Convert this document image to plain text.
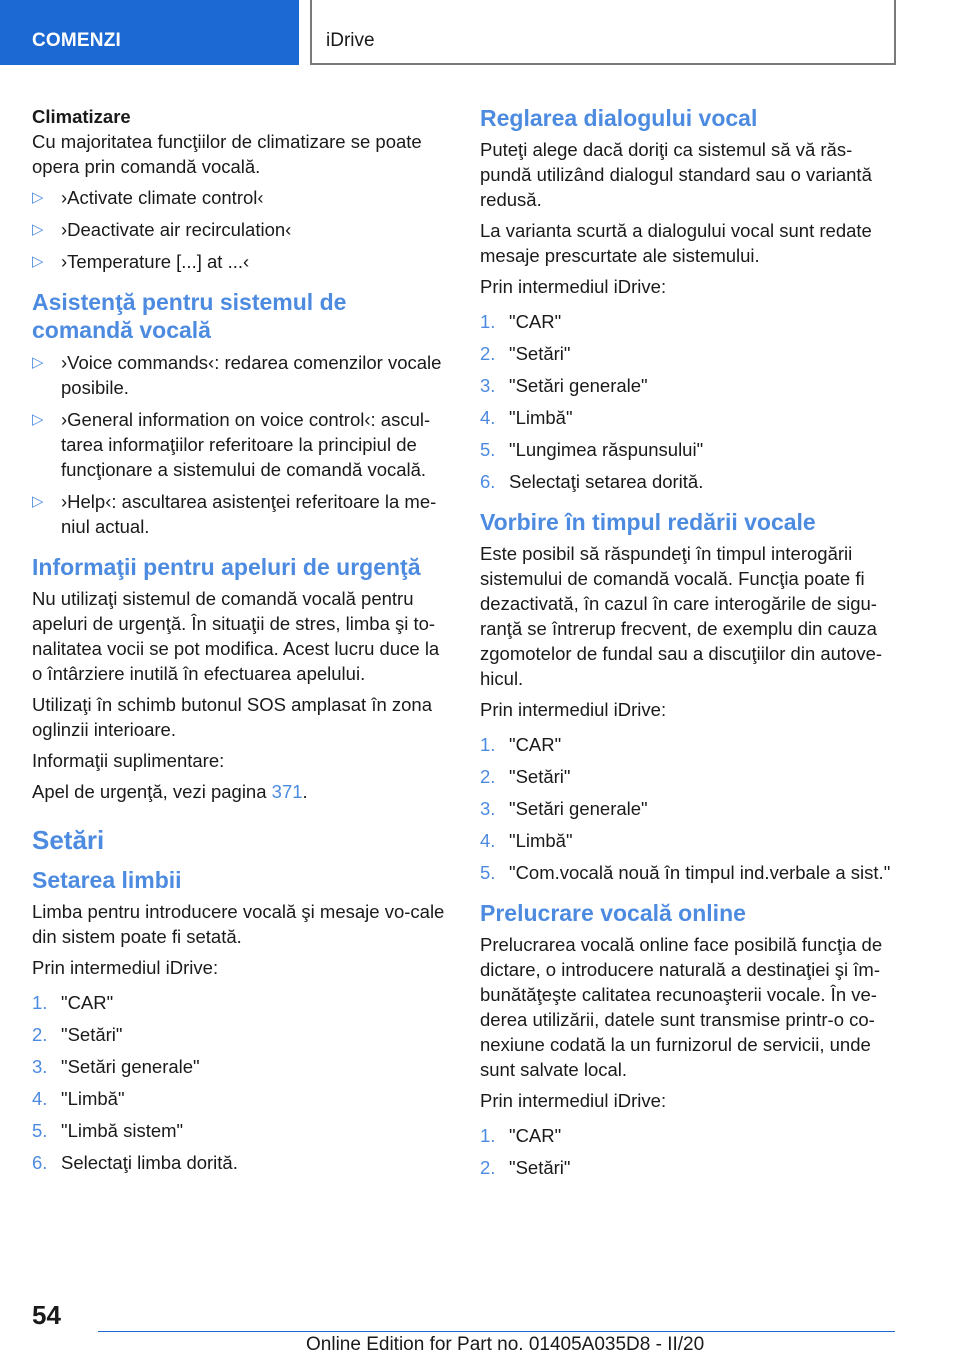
COMENZI	iDrive
Climatizare
Cu majoritatea funcţiilor de climatizare se poate opera prin comandă vocală.
▷ ›Activate climate control‹
▷ ›Deactivate air recirculation‹
▷ ›Temperature [...] at ...‹
Asistenţă pentru sistemul de comandă vocală
▷ ›Voice commands‹: redarea comenzilor vocale posibile.
▷ ›General information on voice control‹: ascul‐tarea informaţiilor referitoare la principiul de funcţionare a sistemului de comandă vocală.
▷ ›Help‹: ascultarea asistenţei referitoare la me‐niul actual.
Informaţii pentru apeluri de urgenţă
Nu utilizaţi sistemul de comandă vocală pentru apeluri de urgenţă. În situaţii de stres, limba şi to‐nalitatea vocii se pot modifica. Acest lucru duce la o întârziere inutilă în efectuarea apelului.
Utilizaţi în schimb butonul SOS amplasat în zona oglinzii interioare.
Informaţii suplimentare:
Apel de urgenţă, vezi pagina 371.
Setări
Setarea limbii
Limba pentru introducere vocală şi mesaje vo‐cale din sistem poate fi setată.
Prin intermediul iDrive:
1. "CAR"
2. "Setări"
3. "Setări generale"
4. "Limbă"
5. "Limbă sistem"
6. Selectaţi limba dorită.
Reglarea dialogului vocal
Puteţi alege dacă doriţi ca sistemul să vă răs‐pundă utilizând dialogul standard sau o variantă redusă.
La varianta scurtă a dialogului vocal sunt redate mesaje prescurtate ale sistemului.
Prin intermediul iDrive:
1. "CAR"
2. "Setări"
3. "Setări generale"
4. "Limbă"
5. "Lungimea răspunsului"
6. Selectaţi setarea dorită.
Vorbire în timpul redării vocale
Este posibil să răspundeţi în timpul interogării sistemului de comandă vocală. Funcţia poate fi dezactivată, în cazul în care interogările de sigu‐ranţă se întrerup frecvent, de exemplu din cauza zgomotelor de fundal sau a discuţiilor din autove‐hicul.
Prin intermediul iDrive:
1. "CAR"
2. "Setări"
3. "Setări generale"
4. "Limbă"
5. "Com.vocală nouă în timpul ind.verbale a sist."
Prelucrare vocală online
Prelucrarea vocală online face posibilă funcţia de dictare, o introducere naturală a destinaţiei şi îm‐bunătăţeşte calitatea recunoaşterii vocale. În ve‐derea utilizării, datele sunt transmise printr-o co‐nexiune codată la un furnizorul de servicii, unde sunt salvate local.
Prin intermediul iDrive:
1. "CAR"
2. "Setări"
54
Online Edition for Part no. 01405A035D8 - II/20
